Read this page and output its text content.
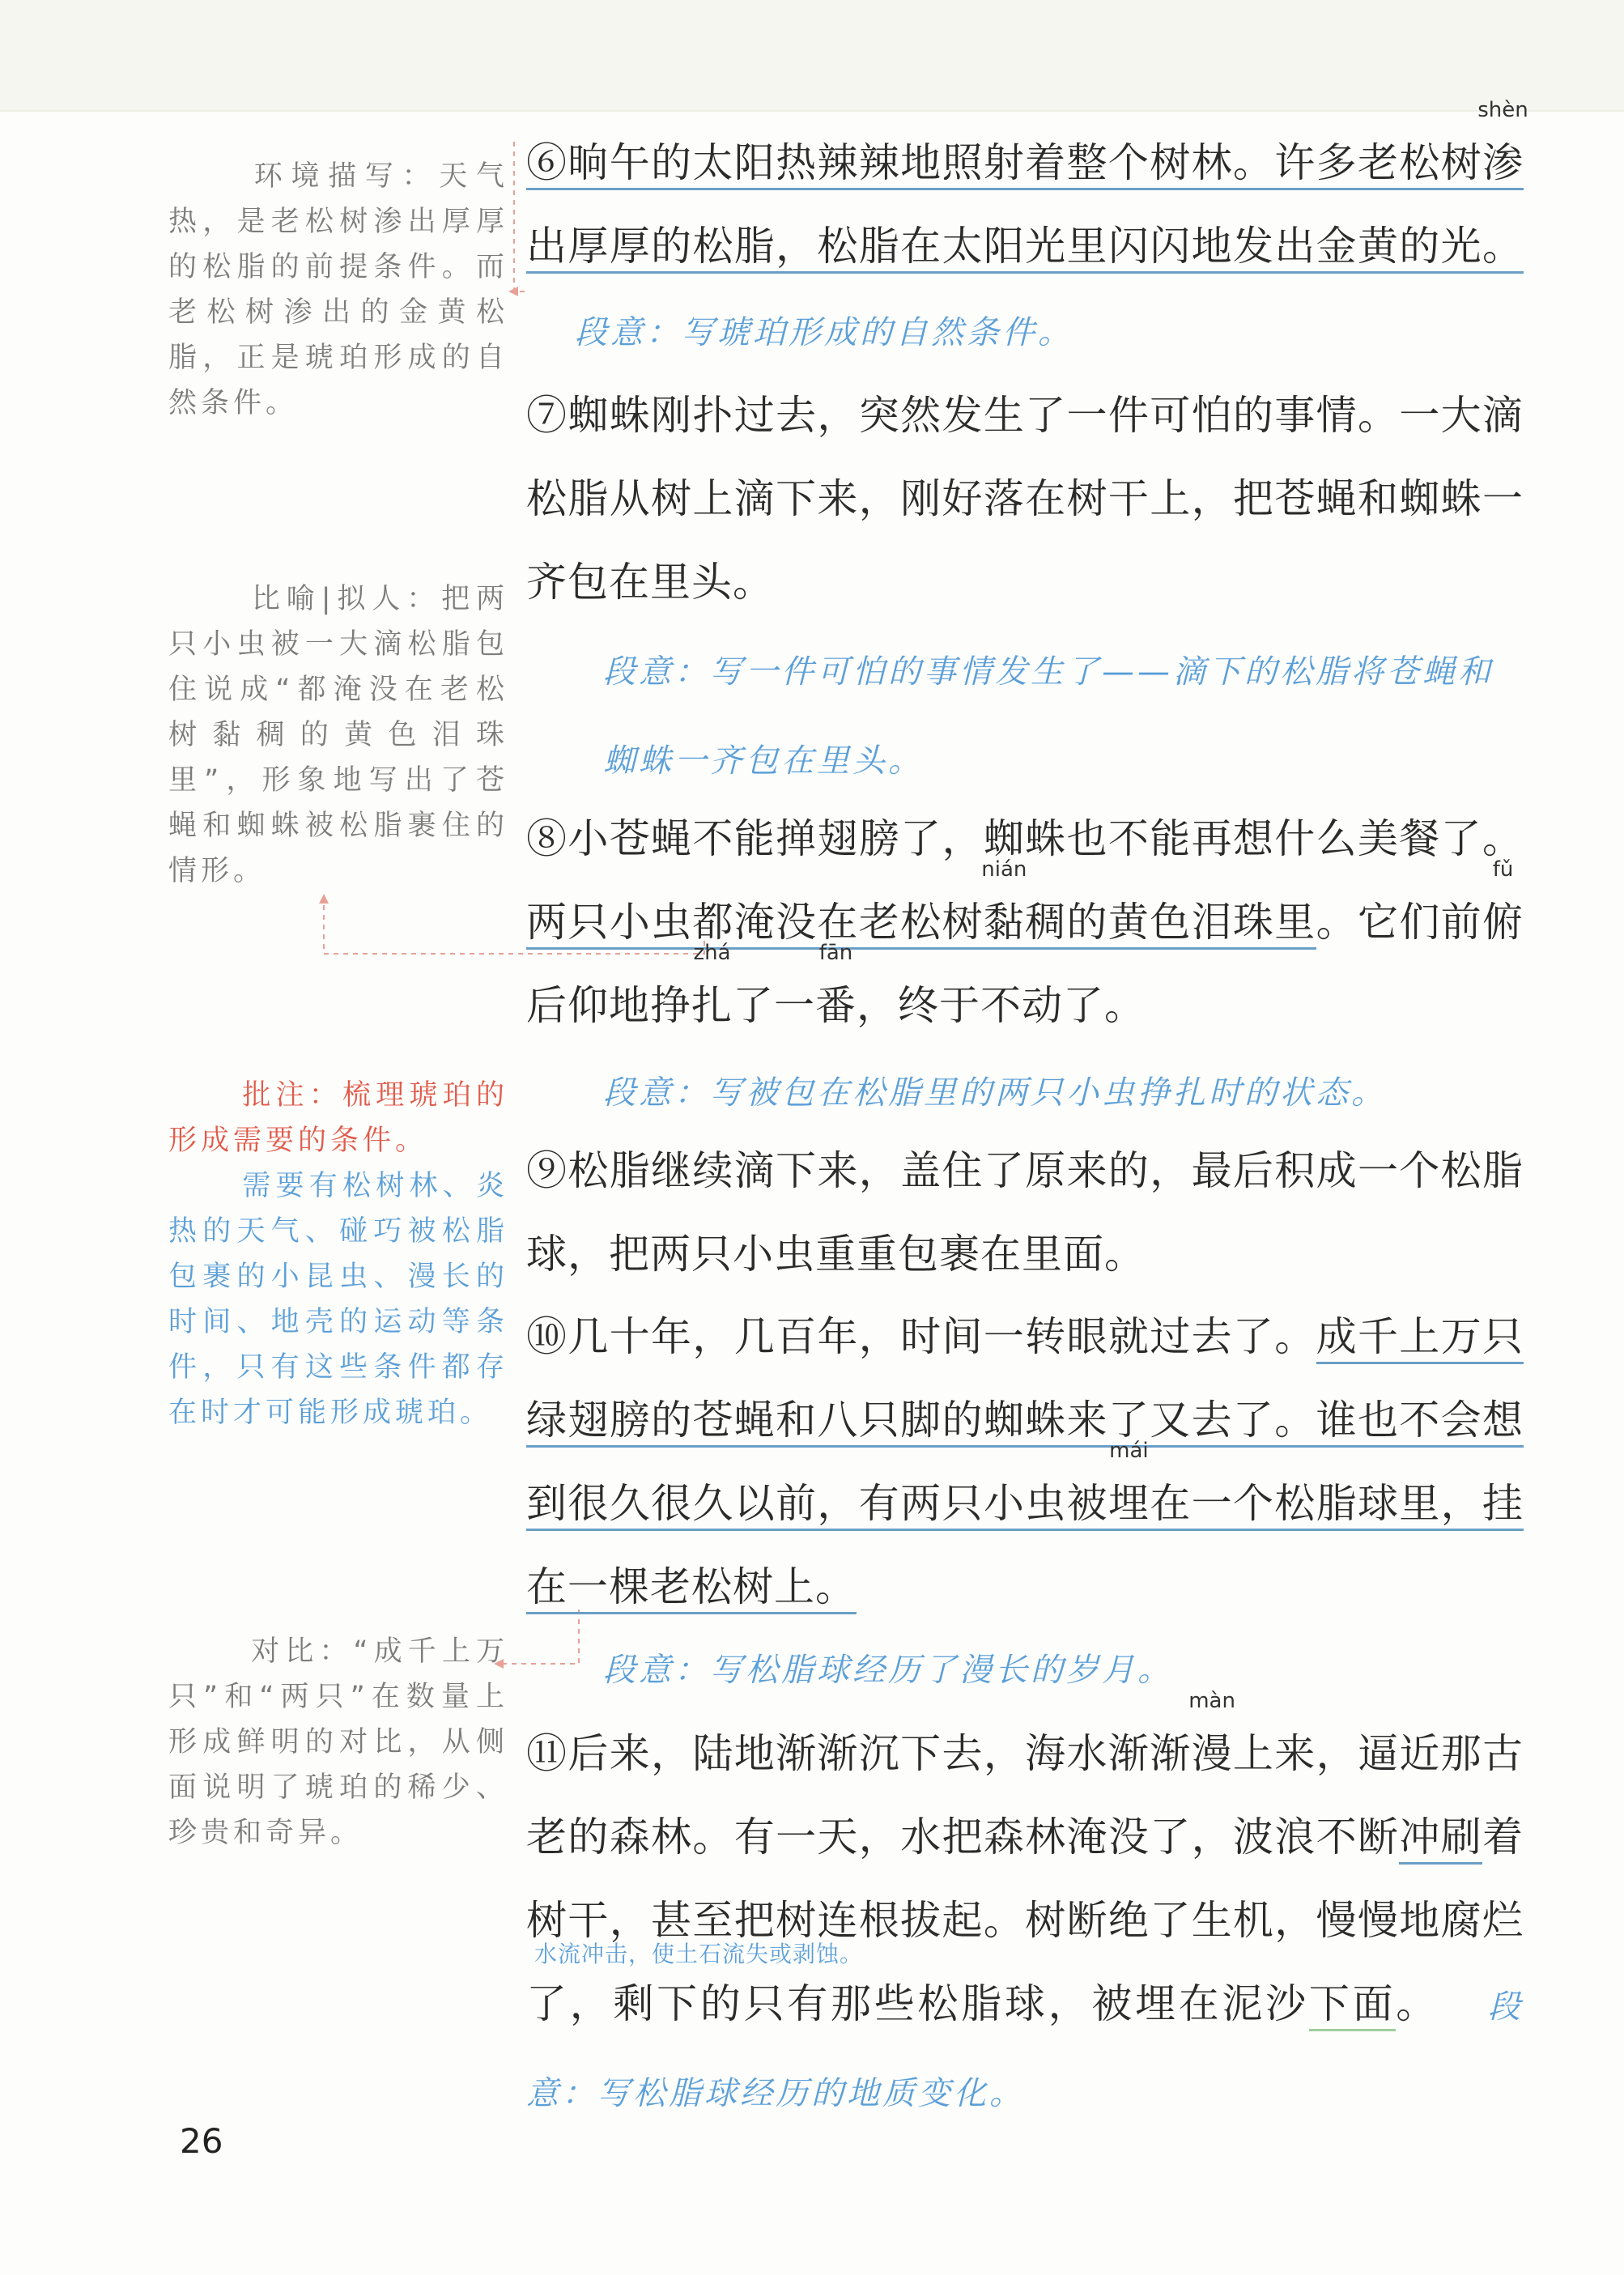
⑥晌午的太阳热辣辣地照射着整个树林。许多老松树
shèn
渗出厚厚的松脂，松脂在太阳光里闪闪地发出金黄的光。段意：写琥珀形成的自然条件。
⑦蜘蛛刚扑过去，突然发生了一件可怕的事情。一大滴松脂从树上滴下来，刚好落在树干上，把苍蝇和蜘蛛一齐包在里头。
段意：写一件可怕的事情发生了——滴下的松脂将苍蝇和蜘蛛一齐包在里头。
⑧小苍蝇不能掸翅膀了，蜘蛛也不能再想什么美餐了。两只小虫都淹没在老松树
nián
黏稠的黄色泪珠里。它们前
fǔ
俯后仰地挣
zhá
扎了一
fān
番，终于不动了。
段意：写被包在松脂里的两只小虫挣扎时的状态。
⑨松脂继续滴下来，盖住了原来的，最后积成一个松脂球，把两只小虫重重包裹在里面。
⑩几十年，几百年，时间一转眼就过去了。成千上万只绿翅膀的苍蝇和八只脚的蜘蛛来了又去了。谁也不会想到很久很久以前，有两只小虫被
mái
埋在一个松脂球里，挂在一棵老松树上。
段意：写松脂球经历了漫长的岁月。
⑪后来，陆地渐渐沉下去，海水渐渐
màn
漫上来，逼近那古老的森林。有一天，水把森林淹没了，波浪不断冲刷着树干，甚至把树连根拔起。树断绝了生机，慢慢地腐烂了，剩下的只有那些松脂球，被埋在泥沙下面。 段意：写松脂球经历的地质变化。
水流冲击，使土石流失或剥蚀。
环境描写：天气热，是老松树渗出厚厚的松脂的前提条件。而老松树渗出的金黄松脂，正是琥珀形成的自然条件。
比喻|拟人：把两只小虫被一大滴松脂包住说成“都淹没在老松树黏稠的黄色泪珠里”，形象地写出了苍蝇和蜘蛛被松脂裹住的情形。
批注：梳理琥珀的形成需要的条件。
需要有松树林、炎热的天气、碰巧被松脂包裹的小昆虫、漫长的时间、地壳的运动等条件，只有这些条件都存在时才可能形成琥珀。
对比：“成千上万只”和“两只”在数量上形成鲜明的对比，从侧面说明了琥珀的稀少、珍贵和奇异。
26
